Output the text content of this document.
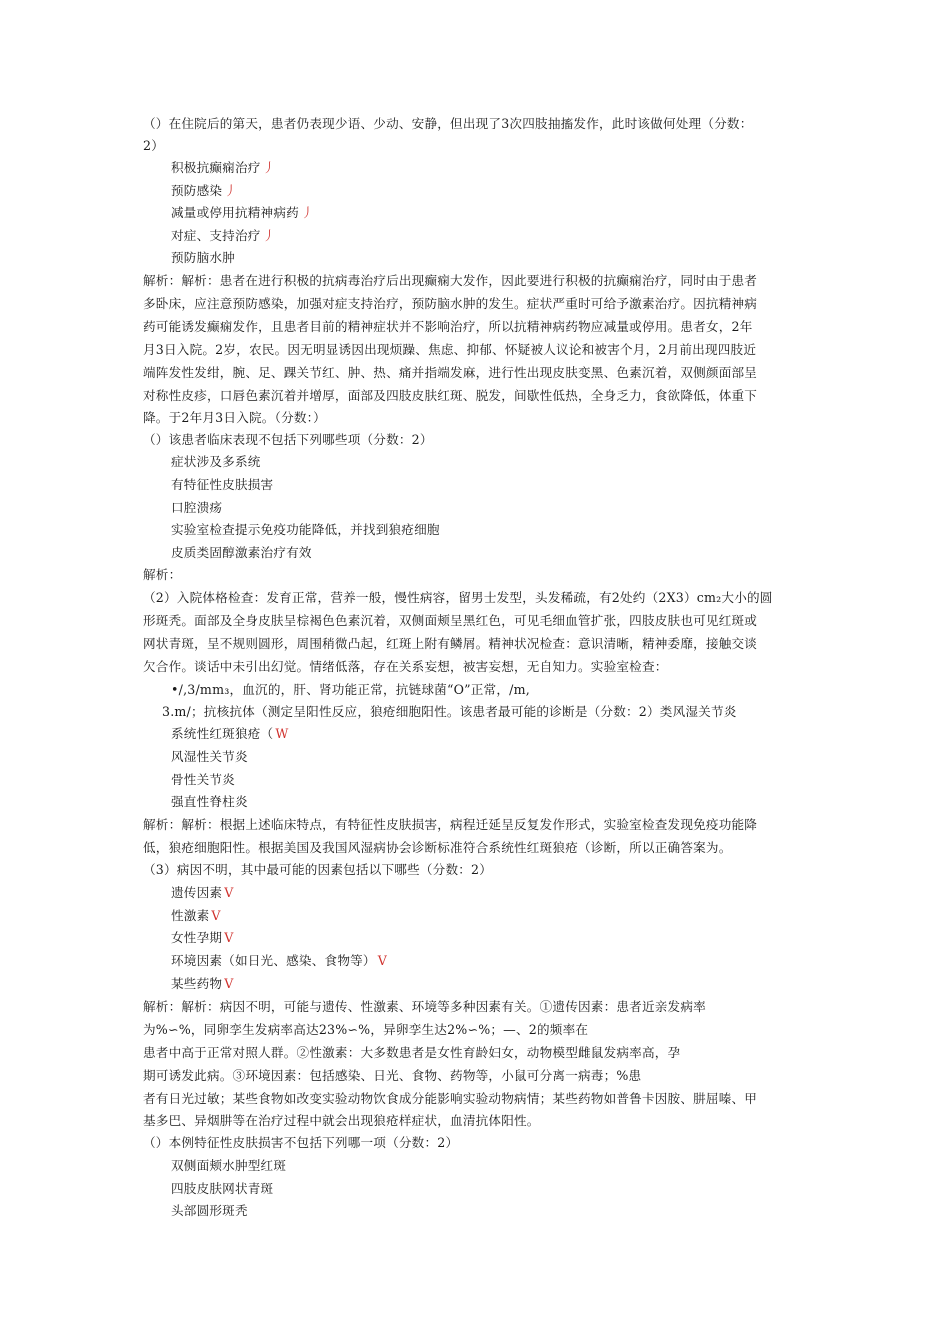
（）在住院后的第天，患者仍表现少语、少动、安静，但出现了3次四肢抽搐发作，此时该做何处理（分数：
2）
积极抗癫痫治疗 丿
预防感染 丿
减量或停用抗精神病药 丿
对症、支持治疗 丿
预防脑水肿
解析：解析：患者在进行积极的抗病毒治疗后出现癫痫大发作，因此要进行积极的抗癫痫治疗，同时由于患者
多卧床，应注意预防感染，加强对症支持治疗，预防脑水肿的发生。症状严重时可给予激素治疗。因抗精神病
药可能诱发癫痫发作，且患者目前的精神症状并不影响治疗，所以抗精神病药物应减量或停用。患者女，2年
月3日入院。2岁，农民。因无明显诱因出现烦躁、焦虑、抑郁、怀疑被人议论和被害个月，2月前出现四肢近
端阵发性发绀，腕、足、踝关节红、肿、热、痛并指端发麻，进行性出现皮肤变黑、色素沉着，双侧颜面部呈
对称性皮疹，口唇色素沉着并增厚，面部及四肢皮肤红斑、脱发，间歇性低热，全身乏力，食欲降低，体重下
降。于2年月3日入院。（分数：）
（）该患者临床表现不包括下列哪些项（分数：2）
症状涉及多系统
有特征性皮肤损害
口腔溃疡
实验室检查提示免疫功能降低，并找到狼疮细胞
皮质类固醇激素治疗有效
解析：
（2）入院体格检查：发育正常，营养一般，慢性病容，留男士发型，头发稀疏，有2处约（2X3）cm₂大小的圆
形斑秃。面部及全身皮肤呈棕褐色色素沉着，双侧面颊呈黑红色，可见毛细血管扩张，四肢皮肤也可见红斑或
网状青斑，呈不规则圆形，周围稍微凸起，红斑上附有鳞屑。精神状况检查：意识清晰，精神委靡，接触交谈
欠合作。谈话中未引出幻觉。情绪低落，存在关系妄想，被害妄想，无自知力。实验室检查：
•/,3/mm₃，血沉的，肝、肾功能正常，抗链球菌“O”正常，/m,
3.m/；抗核抗体（测定呈阳性反应，狼疮细胞阳性。该患者最可能的诊断是（分数：2）类风湿关节炎
系统性红斑狼疮（ W
风湿性关节炎
骨性关节炎
强直性脊柱炎
解析：解析：根据上述临床特点，有特征性皮肤损害，病程迁延呈反复发作形式，实验室检查发现免疫功能降
低，狼疮细胞阳性。根据美国及我国风湿病协会诊断标准符合系统性红斑狼疮（诊断，所以正确答案为。
（3）病因不明，其中最可能的因素包括以下哪些（分数：2）
遗传因素 V
性激素 V
女性孕期 V
环境因素（如日光、感染、食物等） V
某些药物 V
解析：解析：病因不明，可能与遗传、性激素、环境等多种因素有关。①遗传因素：患者近亲发病率
为%∽%，同卵孪生发病率高达23%∽%，异卵孪生达2%∽%；—、2的频率在
患者中高于正常对照人群。②性激素：大多数患者是女性育龄妇女，动物模型雌鼠发病率高，孕
期可诱发此病。③环境因素：包括感染、日光、食物、药物等，小鼠可分离一病毒；%患
者有日光过敏；某些食物如改变实验动物饮食成分能影响实验动物病情；某些药物如普鲁卡因胺、肼屈嗪、甲
基多巴、异烟肼等在治疗过程中就会出现狼疮样症状，血清抗体阳性。
（）本例特征性皮肤损害不包括下列哪一项（分数：2）
双侧面颊水肿型红斑
四肢皮肤网状青斑
头部圆形斑秃
